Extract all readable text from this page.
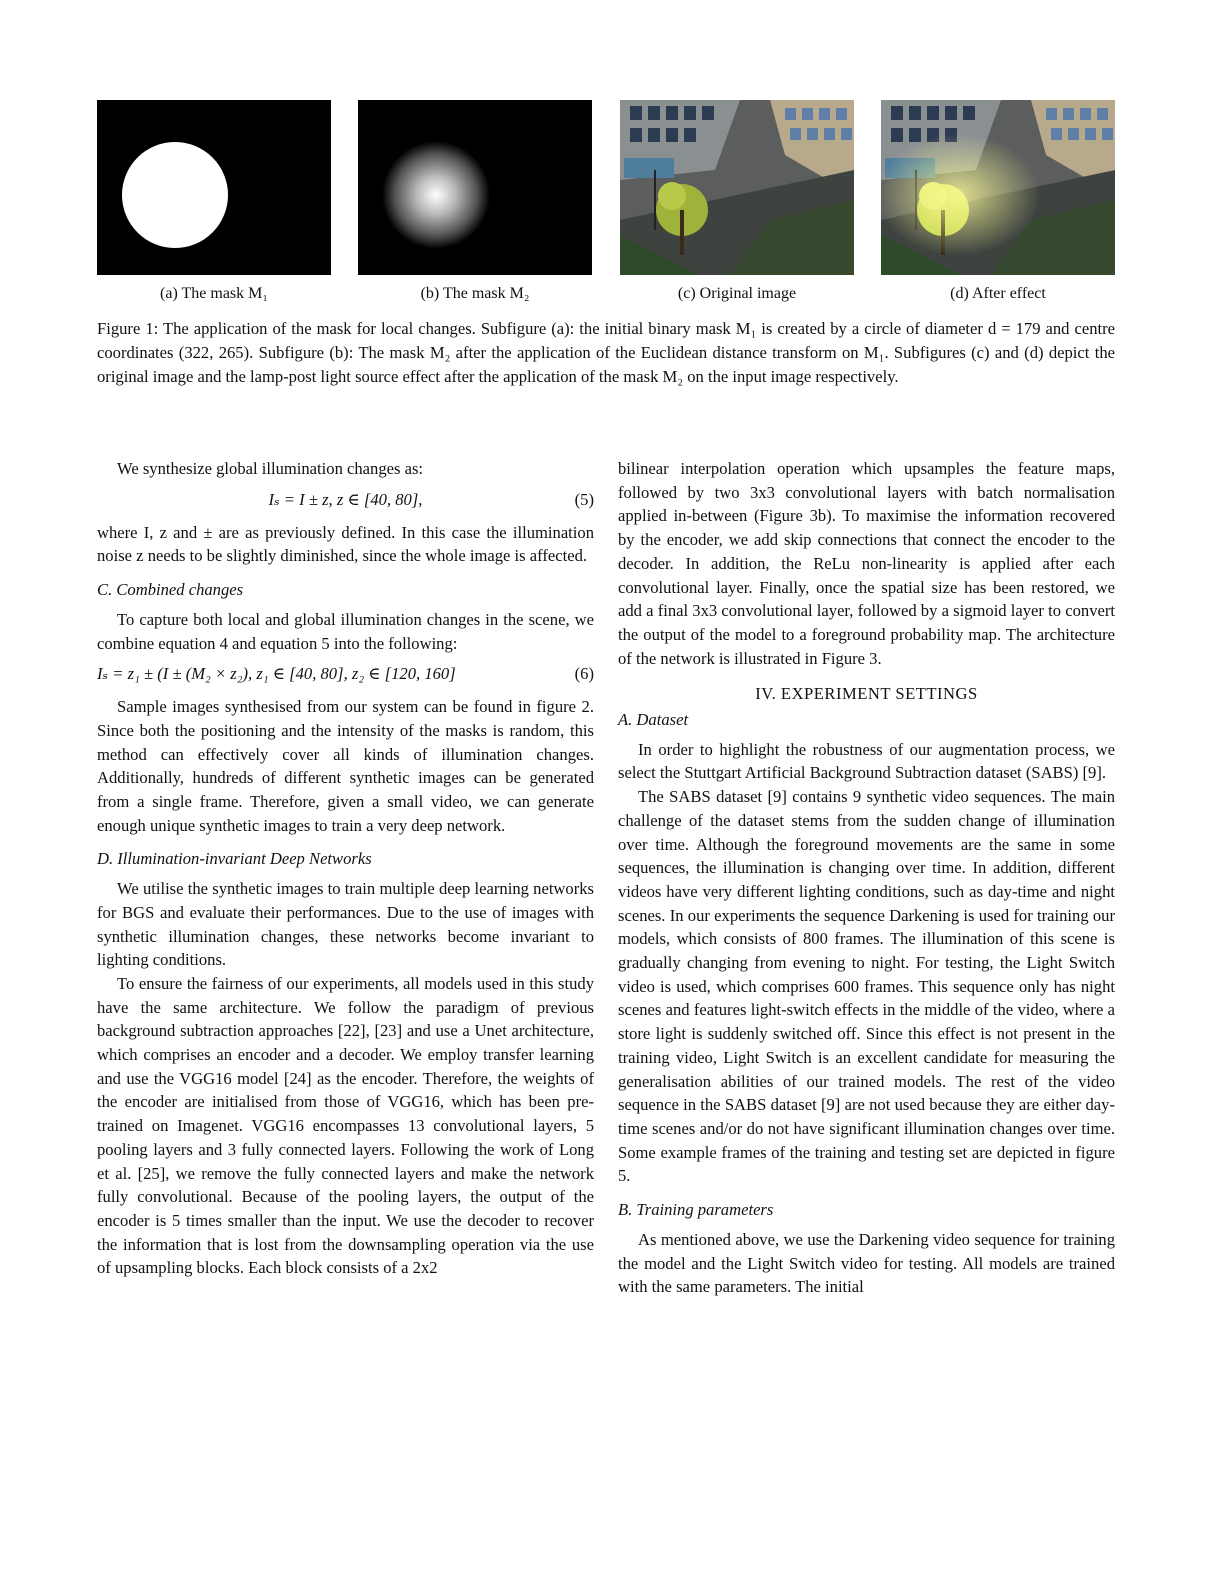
(a) The mask M₁	(b) The mask M₂	(c) Original image	(d) After effect
Figure 1: The application of the mask for local changes. Subfigure (a): the initial binary mask M₁ is created by a circle of diameter d = 179 and centre coordinates (322, 265). Subfigure (b): The mask M₂ after the application of the Euclidean distance transform on M₁. Subfigures (c) and (d) depict the original image and the lamp-post light source effect after the application of the mask M₂ on the input image respectively.

We synthesize global illumination changes as:

Iₛ = I ± z, z ∈ [40, 80],	(5)

where I, z and ± are as previously defined. In this case the illumination noise z needs to be slightly diminished, since the whole image is affected.

C. Combined changes

To capture both local and global illumination changes in the scene, we combine equation 4 and equation 5 into the following:

Iₛ = z₁ ± (I ± (M₂ × z₂), z₁ ∈ [40, 80], z₂ ∈ [120, 160]	(6)

Sample images synthesised from our system can be found in figure 2. Since both the positioning and the intensity of the masks is random, this method can effectively cover all kinds of illumination changes. Additionally, hundreds of different synthetic images can be generated from a single frame. Therefore, given a small video, we can generate enough unique synthetic images to train a very deep network.

D. Illumination-invariant Deep Networks

We utilise the synthetic images to train multiple deep learning networks for BGS and evaluate their performances. Due to the use of images with synthetic illumination changes, these networks become invariant to lighting conditions.

To ensure the fairness of our experiments, all models used in this study have the same architecture. We follow the paradigm of previous background subtraction approaches [22], [23] and use a Unet architecture, which comprises an encoder and a decoder. We employ transfer learning and use the VGG16 model [24] as the encoder. Therefore, the weights of the encoder are initialised from those of VGG16, which has been pre-trained on Imagenet. VGG16 encompasses 13 convolutional layers, 5 pooling layers and 3 fully connected layers. Following the work of Long et al. [25], we remove the fully connected layers and make the network fully convolutional. Because of the pooling layers, the output of the encoder is 5 times smaller than the input. We use the decoder to recover the information that is lost from the downsampling operation via the use of upsampling blocks. Each block consists of a 2x2

bilinear interpolation operation which upsamples the feature maps, followed by two 3x3 convolutional layers with batch normalisation applied in-between (Figure 3b). To maximise the information recovered by the encoder, we add skip connections that connect the encoder to the decoder. In addition, the ReLu non-linearity is applied after each convolutional layer. Finally, once the spatial size has been restored, we add a final 3x3 convolutional layer, followed by a sigmoid layer to convert the output of the model to a foreground probability map. The architecture of the network is illustrated in Figure 3.

IV. EXPERIMENT SETTINGS
A. Dataset

In order to highlight the robustness of our augmentation process, we select the Stuttgart Artificial Background Subtraction dataset (SABS) [9].

The SABS dataset [9] contains 9 synthetic video sequences. The main challenge of the dataset stems from the sudden change of illumination over time. Although the foreground movements are the same in some sequences, the illumination is changing over time. In addition, different videos have very different lighting conditions, such as day-time and night scenes. In our experiments the sequence Darkening is used for training our models, which consists of 800 frames. The illumination of this scene is gradually changing from evening to night. For testing, the Light Switch video is used, which comprises 600 frames. This sequence only has night scenes and features light-switch effects in the middle of the video, where a store light is suddenly switched off. Since this effect is not present in the training video, Light Switch is an excellent candidate for measuring the generalisation abilities of our trained models. The rest of the video sequence in the SABS dataset [9] are not used because they are either day-time scenes and/or do not have significant illumination changes over time. Some example frames of the training and testing set are depicted in figure 5.

B. Training parameters

As mentioned above, we use the Darkening video sequence for training the model and the Light Switch video for testing. All models are trained with the same parameters. The initial
